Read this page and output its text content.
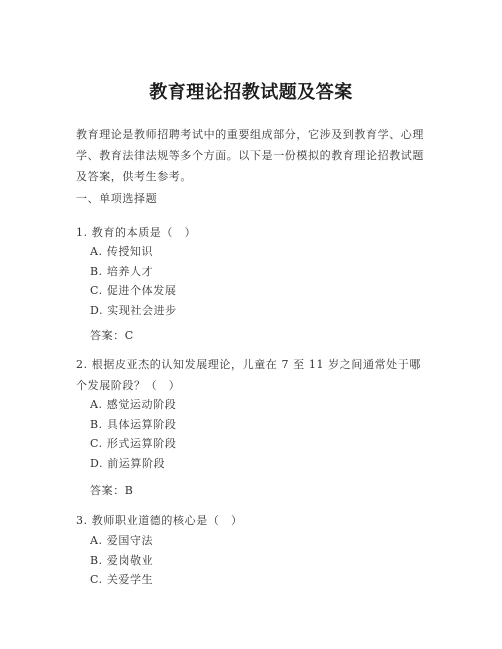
教育理论招教试题及答案
教育理论是教师招聘考试中的重要组成部分，它涉及到教育学、心理学、教育法律法规等多个方面。以下是一份模拟的教育理论招教试题及答案，供考生参考。
一、单项选择题
1. 教育的本质是（　）
A. 传授知识
B. 培养人才
C. 促进个体发展
D. 实现社会进步
答案：C
2. 根据皮亚杰的认知发展理论，儿童在 7 至 11 岁之间通常处于哪个发展阶段？（　）
A. 感觉运动阶段
B. 具体运算阶段
C. 形式运算阶段
D. 前运算阶段
答案：B
3. 教师职业道德的核心是（　）
A. 爱国守法
B. 爱岗敬业
C. 关爱学生
